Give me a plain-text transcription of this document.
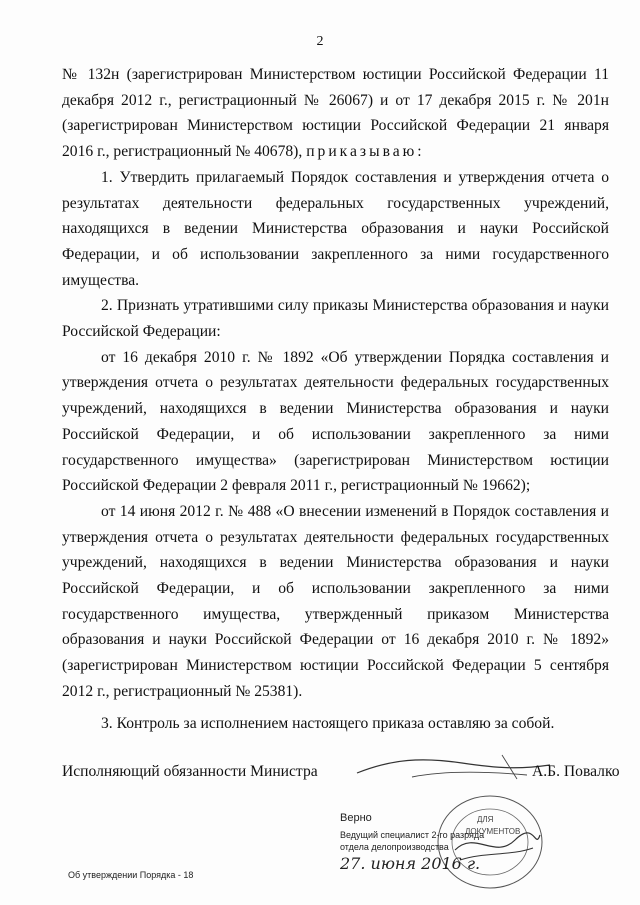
2

№ 132н (зарегистрирован Министерством юстиции Российской Федерации 11 декабря 2012 г., регистрационный № 26067) и от 17 декабря 2015 г. № 201н (зарегистрирован Министерством юстиции Российской Федерации 21 января 2016 г., регистрационный № 40678), приказываю:

1. Утвердить прилагаемый Порядок составления и утверждения отчета о результатах деятельности федеральных государственных учреждений, находящихся в ведении Министерства образования и науки Российской Федерации, и об использовании закрепленного за ними государственного имущества.

2. Признать утратившими силу приказы Министерства образования и науки Российской Федерации:

от 16 декабря 2010 г. № 1892 «Об утверждении Порядка составления и утверждения отчета о результатах деятельности федеральных государственных учреждений, находящихся в ведении Министерства образования и науки Российской Федерации, и об использовании закрепленного за ними государственного имущества» (зарегистрирован Министерством юстиции Российской Федерации 2 февраля 2011 г., регистрационный № 19662);

от 14 июня 2012 г. № 488 «О внесении изменений в Порядок составления и утверждения отчета о результатах деятельности федеральных государственных учреждений, находящихся в ведении Министерства образования и науки Российской Федерации, и об использовании закрепленного за ними государственного имущества, утвержденный приказом Министерства образования и науки Российской Федерации от 16 декабря 2010 г. № 1892» (зарегистрирован Министерством юстиции Российской Федерации 5 сентября 2012 г., регистрационный № 25381).

3. Контроль за исполнением настоящего приказа оставляю за собой.

Исполняющий обязанности Министра	А.Б. Повалко
ДЛЯ
ДОКУМЕНТОВ
Верно
Ведущий специалист 2-го разряда
отдела делопроизводства
27. июня 2016 г.
Об утверждении Порядка - 18
